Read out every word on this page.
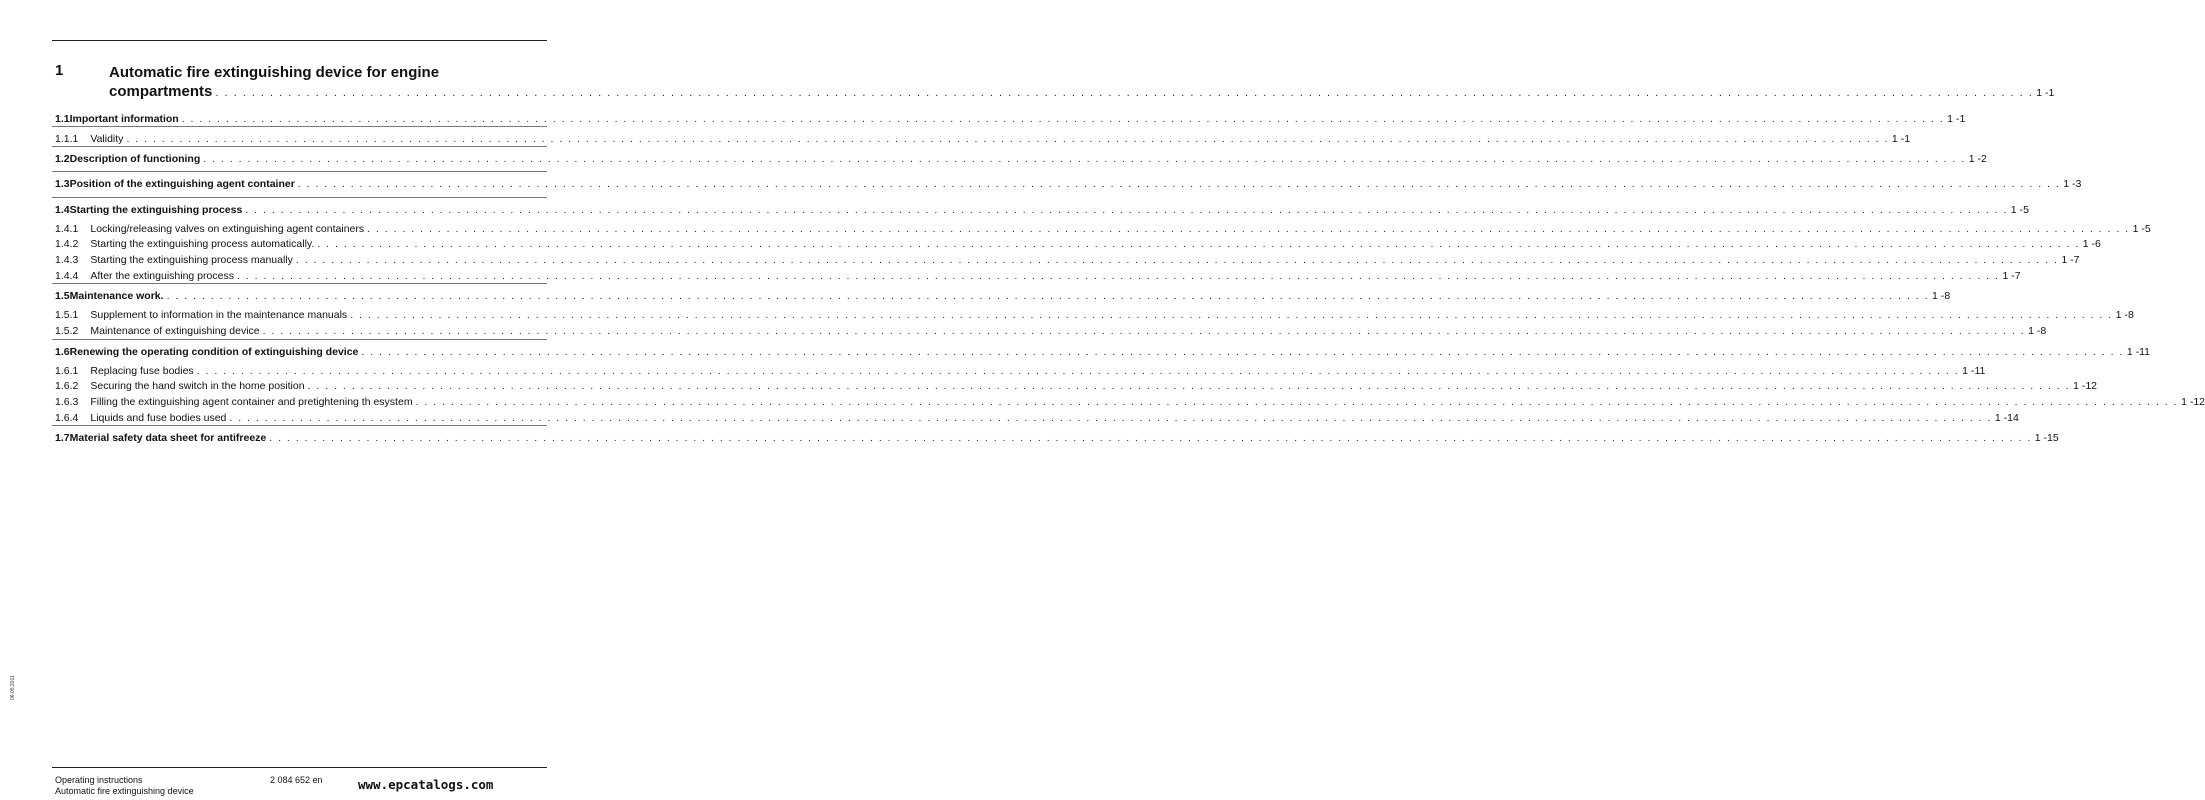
1	Automatic fire extinguishing device for engine
compartments . . . . . . . . . . . . . . . . . . . . . . . . . . . . . . . . . . . . . . . . . . . . . . . . . . . . . . . . . . . . . . . . . . . . . . . . . . . . . . . . . . . . . . . . . . . . . . . . . . . . . . . . . . . . . . . . . . . . . . . . . . . . . . . . . . . . . . . . . . . . . . . . . . . . . . . . . . . . . . . . . . . . . . . . . . . . . . . . . . . . . . . . . . . . . . . . . . . . . . . . 1 - 1
1.1 Important information . . . . . . . . . . . . . . . . . . . . . . . . . . . . . . . . . . . . . . . . . . . . . . . . . . . . . . . . . . . . . . . . . . . . . . . . . . . . . . . . . . . . . . . . . . . . . . . . . . . . . . . . . . . . . . . . . . . . . . . . . . . . . . . . . . . . . . . . . . . . . . . . . . . . . . . . . . . . . . . . . . . . . . . . . . . . . . . . . . . . . . . . . . . . . . . . . . . . . . . . 1 - 1
1.1.1 Validity . . . . . . . . . . . . . . . . . . . . . . . . . . . . . . . . . . . . . . . . . . . . . . . . . . . . . . . . . . . . . . . . . . . . . . . . . . . . . . . . . . . . . . . . . . . . . . . . . . . . . . . . . . . . . . . . . . . . . . . . . . . . . . . . . . . . . . . . . . . . . . . . . . . . . . . . . . . . . . . . . . . . . . . . . . . . . . . . . . . . . . . . . . . . . . . . . . . . . . . . 1 - 1
1.2 Description of functioning . . . . . . . . . . . . . . . . . . . . . . . . . . . . . . . . . . . . . . . . . . . . . . . . . . . . . . . . . . . . . . . . . . . . . . . . . . . . . . . . . . . . . . . . . . . . . . . . . . . . . . . . . . . . . . . . . . . . . . . . . . . . . . . . . . . . . . . . . . . . . . . . . . . . . . . . . . . . . . . . . . . . . . . . . . . . . . . . . . . . . . . . . . . . . . . . . . . . . . . . 1 - 2
1.3 Position of the extinguishing agent container . . . . . . . . . . . . . . . . . . . . . . . . . . . . . . . . . . . . . . . . . . . . . . . . . . . . . . . . . . . . . . . . . . . . . . . . . . . . . . . . . . . . . . . . . . . . . . . . . . . . . . . . . . . . . . . . . . . . . . . . . . . . . . . . . . . . . . . . . . . . . . . . . . . . . . . . . . . . . . . . . . . . . . . . . . . . . . . . . . . . . . . . . . . . . . . . . . . . . . . . 1 - 3
1.4 Starting the extinguishing process . . . . . . . . . . . . . . . . . . . . . . . . . . . . . . . . . . . . . . . . . . . . . . . . . . . . . . . . . . . . . . . . . . . . . . . . . . . . . . . . . . . . . . . . . . . . . . . . . . . . . . . . . . . . . . . . . . . . . . . . . . . . . . . . . . . . . . . . . . . . . . . . . . . . . . . . . . . . . . . . . . . . . . . . . . . . . . . . . . . . . . . . . . . . . . . . . . . . . . . . 1 - 5
1.4.1 Locking/releasing valves on extinguishing agent containers . . . . . . . . . . . . . . . . . . . . . . . . . . . . . . . . . . . . . . . . . . . . . . . . . . . . . . . . . . . . . . . . . . . . . . . . . . . . . . . . . . . . . . . . . . . . . . . . . . . . . . . . . . . . . . . . . . . . . . . . . . . . . . . . . . . . . . . . . . . . . . . . . . . . . . . . . . . . . . . . . . . . . . . . . . . . . . . . . . . . . . . . . . . . . . . . . . . . . . . . 1 - 5
1.4.2 Starting the extinguishing process automatically. . . . . . . . . . . . . . . . . . . . . . . . . . . . . . . . . . . . . . . . . . . . . . . . . . . . . . . . . . . . . . . . . . . . . . . . . . . . . . . . . . . . . . . . . . . . . . . . . . . . . . . . . . . . . . . . . . . . . . . . . . . . . . . . . . . . . . . . . . . . . . . . . . . . . . . . . . . . . . . . . . . . . . . . . . . . . . . . . . . . . . . . . . . . . . . . . . . . . . . . . 1 - 6
1.4.3 Starting the extinguishing process manually . . . . . . . . . . . . . . . . . . . . . . . . . . . . . . . . . . . . . . . . . . . . . . . . . . . . . . . . . . . . . . . . . . . . . . . . . . . . . . . . . . . . . . . . . . . . . . . . . . . . . . . . . . . . . . . . . . . . . . . . . . . . . . . . . . . . . . . . . . . . . . . . . . . . . . . . . . . . . . . . . . . . . . . . . . . . . . . . . . . . . . . . . . . . . . . . . . . . . . . . 1 - 7
1.4.4 After the extinguishing process . . . . . . . . . . . . . . . . . . . . . . . . . . . . . . . . . . . . . . . . . . . . . . . . . . . . . . . . . . . . . . . . . . . . . . . . . . . . . . . . . . . . . . . . . . . . . . . . . . . . . . . . . . . . . . . . . . . . . . . . . . . . . . . . . . . . . . . . . . . . . . . . . . . . . . . . . . . . . . . . . . . . . . . . . . . . . . . . . . . . . . . . . . . . . . . . . . . . . . . . 1 - 7
1.5 Maintenance work. . . . . . . . . . . . . . . . . . . . . . . . . . . . . . . . . . . . . . . . . . . . . . . . . . . . . . . . . . . . . . . . . . . . . . . . . . . . . . . . . . . . . . . . . . . . . . . . . . . . . . . . . . . . . . . . . . . . . . . . . . . . . . . . . . . . . . . . . . . . . . . . . . . . . . . . . . . . . . . . . . . . . . . . . . . . . . . . . . . . . . . . . . . . . . . . . . . . . . . . . 1 - 8
1.5.1 Supplement to information in the maintenance manuals . . . . . . . . . . . . . . . . . . . . . . . . . . . . . . . . . . . . . . . . . . . . . . . . . . . . . . . . . . . . . . . . . . . . . . . . . . . . . . . . . . . . . . . . . . . . . . . . . . . . . . . . . . . . . . . . . . . . . . . . . . . . . . . . . . . . . . . . . . . . . . . . . . . . . . . . . . . . . . . . . . . . . . . . . . . . . . . . . . . . . . . . . . . . . . . . . . . . . . . . 1 - 8
1.5.2 Maintenance of extinguishing device . . . . . . . . . . . . . . . . . . . . . . . . . . . . . . . . . . . . . . . . . . . . . . . . . . . . . . . . . . . . . . . . . . . . . . . . . . . . . . . . . . . . . . . . . . . . . . . . . . . . . . . . . . . . . . . . . . . . . . . . . . . . . . . . . . . . . . . . . . . . . . . . . . . . . . . . . . . . . . . . . . . . . . . . . . . . . . . . . . . . . . . . . . . . . . . . . . . . . . . . 1 - 8
1.6 Renewing the operating condition of extinguishing device . . . . . . . . . . . . . . . . . . . . . . . . . . . . . . . . . . . . . . . . . . . . . . . . . . . . . . . . . . . . . . . . . . . . . . . . . . . . . . . . . . . . . . . . . . . . . . . . . . . . . . . . . . . . . . . . . . . . . . . . . . . . . . . . . . . . . . . . . . . . . . . . . . . . . . . . . . . . . . . . . . . . . . . . . . . . . . . . . . . . . . . . . . . . . . . . . . . . . . . . 1 - 11
1.6.1 Replacing fuse bodies . . . . . . . . . . . . . . . . . . . . . . . . . . . . . . . . . . . . . . . . . . . . . . . . . . . . . . . . . . . . . . . . . . . . . . . . . . . . . . . . . . . . . . . . . . . . . . . . . . . . . . . . . . . . . . . . . . . . . . . . . . . . . . . . . . . . . . . . . . . . . . . . . . . . . . . . . . . . . . . . . . . . . . . . . . . . . . . . . . . . . . . . . . . . . . . . . . . . . . . . 1 - 11
1.6.2 Securing the hand switch in the home position . . . . . . . . . . . . . . . . . . . . . . . . . . . . . . . . . . . . . . . . . . . . . . . . . . . . . . . . . . . . . . . . . . . . . . . . . . . . . . . . . . . . . . . . . . . . . . . . . . . . . . . . . . . . . . . . . . . . . . . . . . . . . . . . . . . . . . . . . . . . . . . . . . . . . . . . . . . . . . . . . . . . . . . . . . . . . . . . . . . . . . . . . . . . . . . . . . . . . . . . 1 - 12
1.6.3 Filling the extinguishing agent container and pretightening th esystem . . . . . . . . . . . . . . . . . . . . . . . . . . . . . . . . . . . . . . . . . . . . . . . . . . . . . . . . . . . . . . . . . . . . . . . . . . . . . . . . . . . . . . . . . . . . . . . . . . . . . . . . . . . . . . . . . . . . . . . . . . . . . . . . . . . . . . . . . . . . . . . . . . . . . . . . . . . . . . . . . . . . . . . . . . . . . . . . . . . . . . . . . . . . . . . . . . . . . . . . 1 - 12
1.6.4 Liquids and fuse bodies used . . . . . . . . . . . . . . . . . . . . . . . . . . . . . . . . . . . . . . . . . . . . . . . . . . . . . . . . . . . . . . . . . . . . . . . . . . . . . . . . . . . . . . . . . . . . . . . . . . . . . . . . . . . . . . . . . . . . . . . . . . . . . . . . . . . . . . . . . . . . . . . . . . . . . . . . . . . . . . . . . . . . . . . . . . . . . . . . . . . . . . . . . . . . . . . . . . . . . . . . 1 - 14
1.7 Material safety data sheet for antifreeze . . . . . . . . . . . . . . . . . . . . . . . . . . . . . . . . . . . . . . . . . . . . . . . . . . . . . . . . . . . . . . . . . . . . . . . . . . . . . . . . . . . . . . . . . . . . . . . . . . . . . . . . . . . . . . . . . . . . . . . . . . . . . . . . . . . . . . . . . . . . . . . . . . . . . . . . . . . . . . . . . . . . . . . . . . . . . . . . . . . . . . . . . . . . . . . . . . . . . . . . 1 - 15
06.05.2011
Operating instructions
Automatic fire extinguishing device
2 084 652 en	www.epcatalogs.com
